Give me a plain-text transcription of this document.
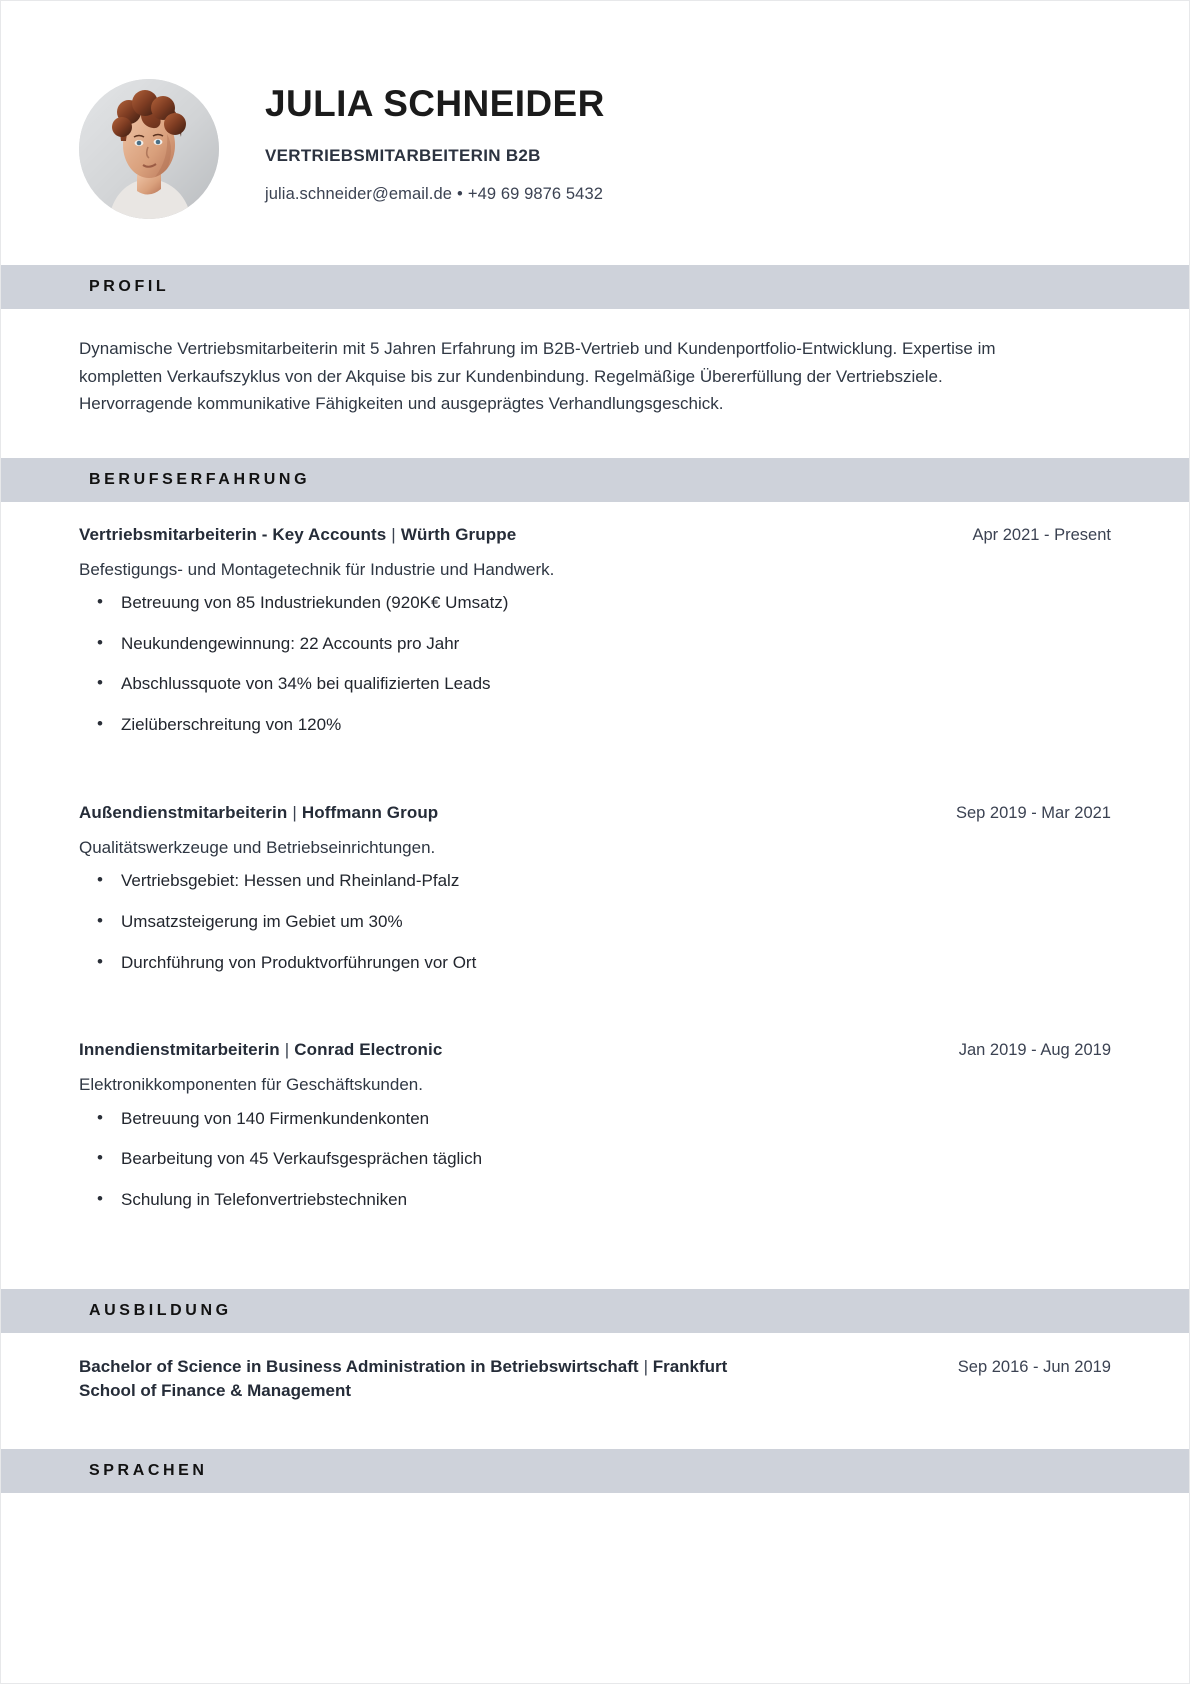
JULIA SCHNEIDER
VERTRIEBSMITARBEITERIN B2B
julia.schneider@email.de • +49 69 9876 5432
PROFIL

Dynamische Vertriebsmitarbeiterin mit 5 Jahren Erfahrung im B2B-Vertrieb und Kundenportfolio-Entwicklung. Expertise im kompletten Verkaufszyklus von der Akquise bis zur Kundenbindung. Regelmäßige Übererfüllung der Vertriebsziele. Hervorragende kommunikative Fähigkeiten und ausgeprägtes Verhandlungsgeschick.

BERUFSERFAHRUNG
Vertriebsmitarbeiterin - Key Accounts | Würth Gruppe	Apr 2021 - Present
Befestigungs- und Montagetechnik für Industrie und Handwerk.
• Betreuung von 85 Industriekunden (920K€ Umsatz)
• Neukundengewinnung: 22 Accounts pro Jahr
• Abschlussquote von 34% bei qualifizierten Leads
• Zielüberschreitung von 120%
Außendienstmitarbeiterin | Hoffmann Group	Sep 2019 - Mar 2021
Qualitätswerkzeuge und Betriebseinrichtungen.
• Vertriebsgebiet: Hessen und Rheinland-Pfalz
• Umsatzsteigerung im Gebiet um 30%
• Durchführung von Produktvorführungen vor Ort
Innendienstmitarbeiterin | Conrad Electronic	Jan 2019 - Aug 2019
Elektronikkomponenten für Geschäftskunden.
• Betreuung von 140 Firmenkundenkonten
• Bearbeitung von 45 Verkaufsgesprächen täglich
• Schulung in Telefonvertriebstechniken
AUSBILDUNG
Bachelor of Science in Business Administration in Betriebswirtschaft | Frankfurt School of Finance & Management
Sep 2016 - Jun 2019
SPRACHEN
